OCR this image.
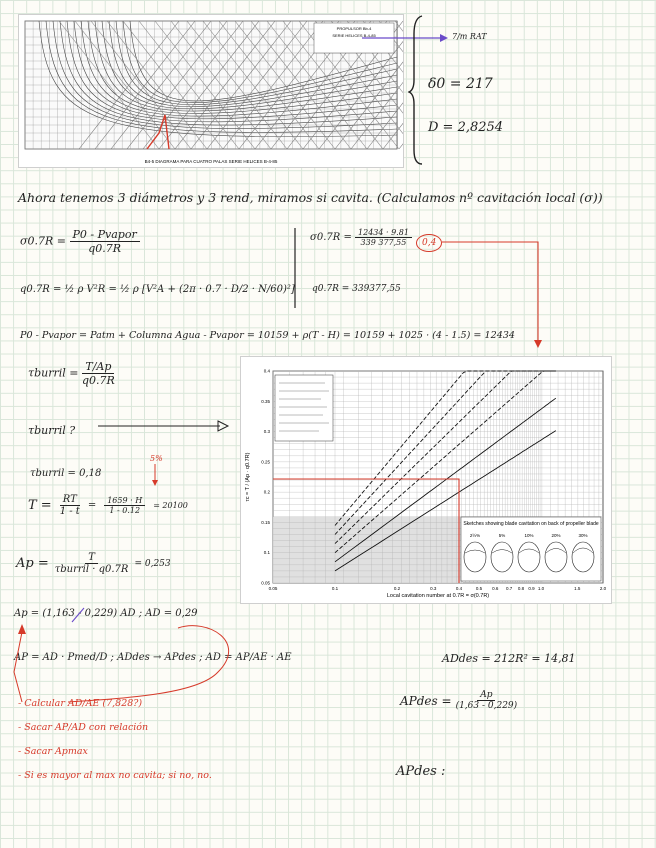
PROPULSOR Bb-4
SERIE HELICES B-4-85
B4-5 DIAGRAMA PARA CUATRO PALAS SERIE HELICES B-4-85
7/m RAT
δ0 = 217
D = 2,8254
Ahora tenemos 3 diámetros y 3 rend, miramos si cavita. (Calculamos nº cavitación local (σ))
$\sigma 0.7R = \frac{\text{P0 - Pvapor}}{q0.7R}$
q0.7R = ½ ρ V²R = ½ ρ [V²A + (2π · 0.7 · D/2 · N/60)²]
$\sigma 0.7R = \frac{12434 \cdot 9.81}{339 377,55}$	0,4
q0.7R = 339377,55
P0 - Pvapor = Patm + Columna Agua - Pvapor = 10159 + ρ(T - H) = 10159 + 1025 · (4 - 1.5) = 12434
τburril = $\frac{T/Ap}{q0.7R}$
τburril ?
τburril = 0,18
5%
$T = \frac{RT}{1 - t} = \frac{1659 \cdot H}{1 - 0.12} = 20100$
$Ap = \frac{T}{\text{τburril · q0.7R}} = 0,253$
0.05	0.1	0.2	0.3	0.4	0.5 0.6 0.7 0.8 0.9 1.0	1.5	2.0
0.05
0.1
0.15
0.2
0.25
0.3
0.35
0.4
Sketches showing blade cavitation on back of propeller blade
2½%	5%	10%	20%	30%
Local cavitation number at 0.7R = σ(0.7R)
τc = T / (Ap · q0.7R)
Ap = (1,163 - 0,229) AD ; AD = 0,29
AP = AD · Pmed/D ; ADdes → APdes ; AD = AP/AE · AE	ADdes = 212R² = 14,81
APdes = $\frac{Ap}{(1,63 - 0,229)}$
APdes :
- Calcular AD/AE (7,828?)
- Sacar AP/AD con relación
- Sacar Apmax
- Si es mayor al max no cavita; si no, no.
